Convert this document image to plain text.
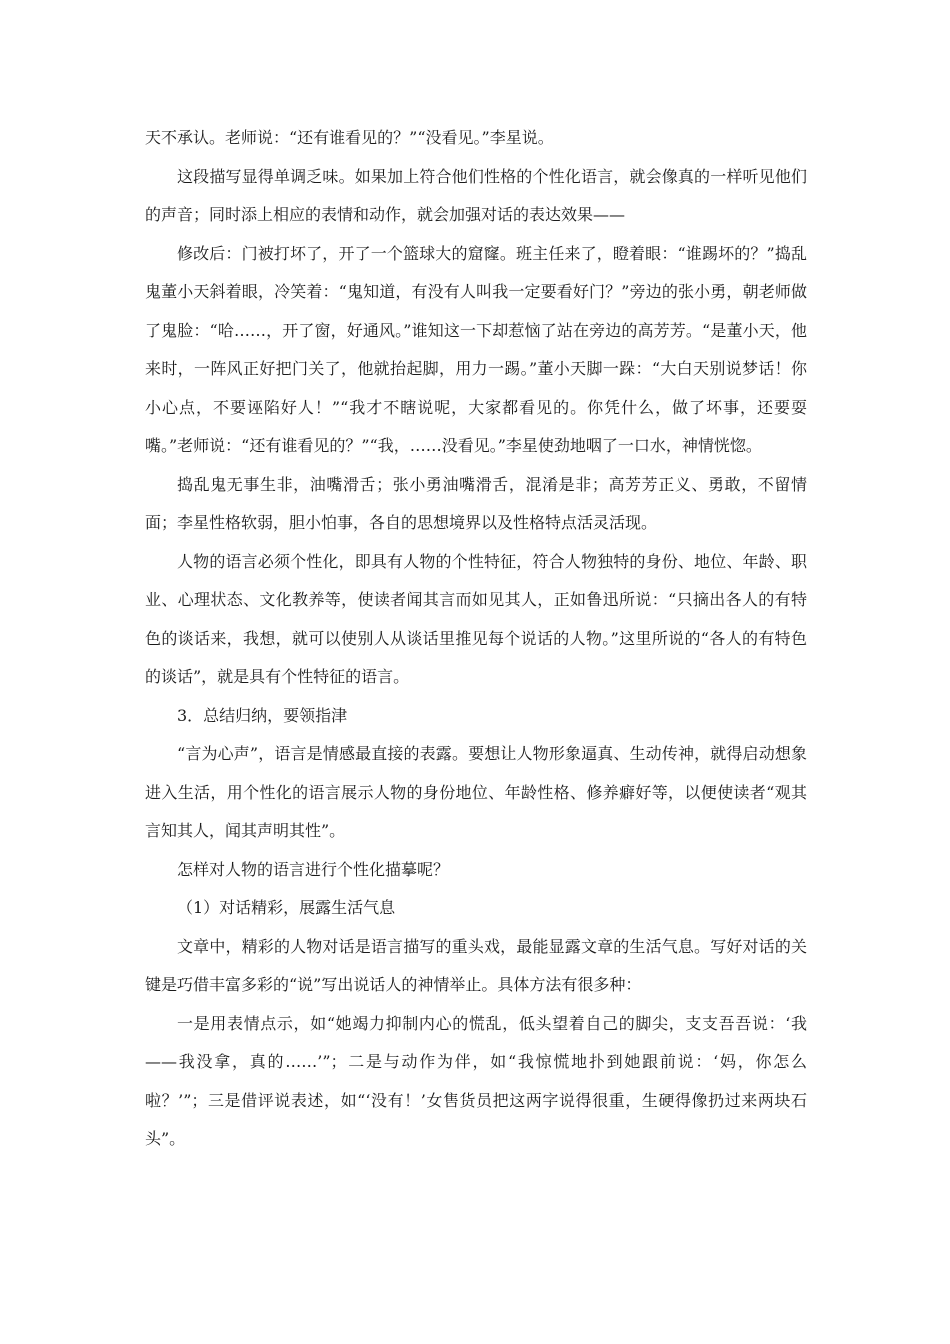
天不承认。老师说：“还有谁看见的？”“没看见。”李星说。

这段描写显得单调乏味。如果加上符合他们性格的个性化语言，就会像真的一样听见他们的声音；同时添上相应的表情和动作，就会加强对话的表达效果——

修改后：门被打坏了，开了一个篮球大的窟窿。班主任来了，瞪着眼：“谁踢坏的？”捣乱鬼董小天斜着眼，冷笑着：“鬼知道，有没有人叫我一定要看好门？”旁边的张小勇，朝老师做了鬼脸：“哈……，开了窗，好通风。”谁知这一下却惹恼了站在旁边的高芳芳。“是董小天，他来时，一阵风正好把门关了，他就抬起脚，用力一踢。”董小天脚一跺：“大白天别说梦话！你小心点，不要诬陷好人！”“我才不瞎说呢，大家都看见的。你凭什么，做了坏事，还要耍嘴。”老师说：“还有谁看见的？”“我，……没看见。”李星使劲地咽了一口水，神情恍惚。

捣乱鬼无事生非，油嘴滑舌；张小勇油嘴滑舌，混淆是非；高芳芳正义、勇敢，不留情面；李星性格软弱，胆小怕事，各自的思想境界以及性格特点活灵活现。

人物的语言必须个性化，即具有人物的个性特征，符合人物独特的身份、地位、年龄、职业、心理状态、文化教养等，使读者闻其言而如见其人，正如鲁迅所说：“只摘出各人的有特色的谈话来，我想，就可以使别人从谈话里推见每个说话的人物。”这里所说的“各人的有特色的谈话”，就是具有个性特征的语言。

3．总结归纳，要领指津

“言为心声”，语言是情感最直接的表露。要想让人物形象逼真、生动传神，就得启动想象进入生活，用个性化的语言展示人物的身份地位、年龄性格、修养癖好等，以便使读者“观其言知其人，闻其声明其性”。

怎样对人物的语言进行个性化描摹呢？

（1）对话精彩，展露生活气息

文章中，精彩的人物对话是语言描写的重头戏，最能显露文章的生活气息。写好对话的关键是巧借丰富多彩的“说”写出说话人的神情举止。具体方法有很多种：

一是用表情点示，如“她竭力抑制内心的慌乱，低头望着自己的脚尖，支支吾吾说：‘我——我没拿，真的……’”；二是与动作为伴，如“我惊慌地扑到她跟前说：‘妈，你怎么啦？’”；三是借评说表述，如“‘没有！’女售货员把这两字说得很重，生硬得像扔过来两块石头”。
